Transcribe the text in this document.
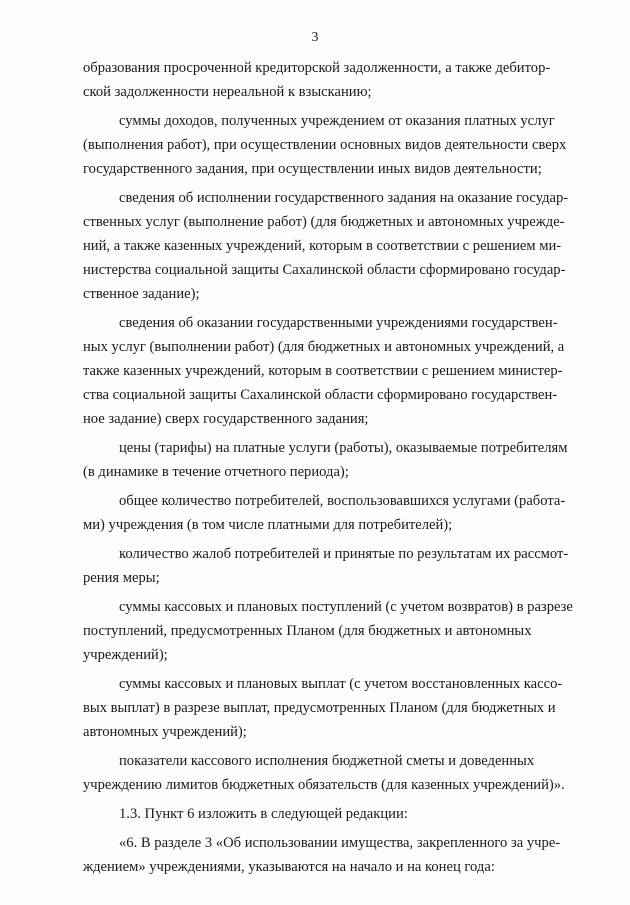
3

образования просроченной кредиторской задолженности, а также дебитор-
ской задолженности нереальной к взысканию;

суммы доходов, полученных учреждением от оказания платных услуг
(выполнения работ), при осуществлении основных видов деятельности сверх
государственного задания, при осуществлении иных видов деятельности;

сведения об исполнении государственного задания на оказание государ-
ственных услуг (выполнение работ) (для бюджетных и автономных учрежде-
ний, а также казенных учреждений, которым в соответствии с решением ми-
нистерства социальной защиты Сахалинской области сформировано государ-
ственное задание);

сведения об оказании государственными учреждениями государствен-
ных услуг (выполнении работ) (для бюджетных и автономных учреждений, а
также казенных учреждений, которым в соответствии с решением министер-
ства социальной защиты Сахалинской области сформировано государствен-
ное задание) сверх государственного задания;

цены (тарифы) на платные услуги (работы), оказываемые потребителям
(в динамике в течение отчетного периода);

общее количество потребителей, воспользовавшихся услугами (работа-
ми) учреждения (в том числе платными для потребителей);

количество жалоб потребителей и принятые по результатам их рассмот-
рения меры;

суммы кассовых и плановых поступлений (с учетом возвратов) в разрезе
поступлений, предусмотренных Планом (для бюджетных и автономных
учреждений);

суммы кассовых и плановых выплат (с учетом восстановленных кассо-
вых выплат) в разрезе выплат, предусмотренных Планом (для бюджетных и
автономных учреждений);

показатели кассового исполнения бюджетной сметы и доведенных
учреждению лимитов бюджетных обязательств (для казенных учреждений)».

1.3. Пункт 6 изложить в следующей редакции:

«6. В разделе 3 «Об использовании имущества, закрепленного за учре-
ждением» учреждениями, указываются на начало и на конец года:
